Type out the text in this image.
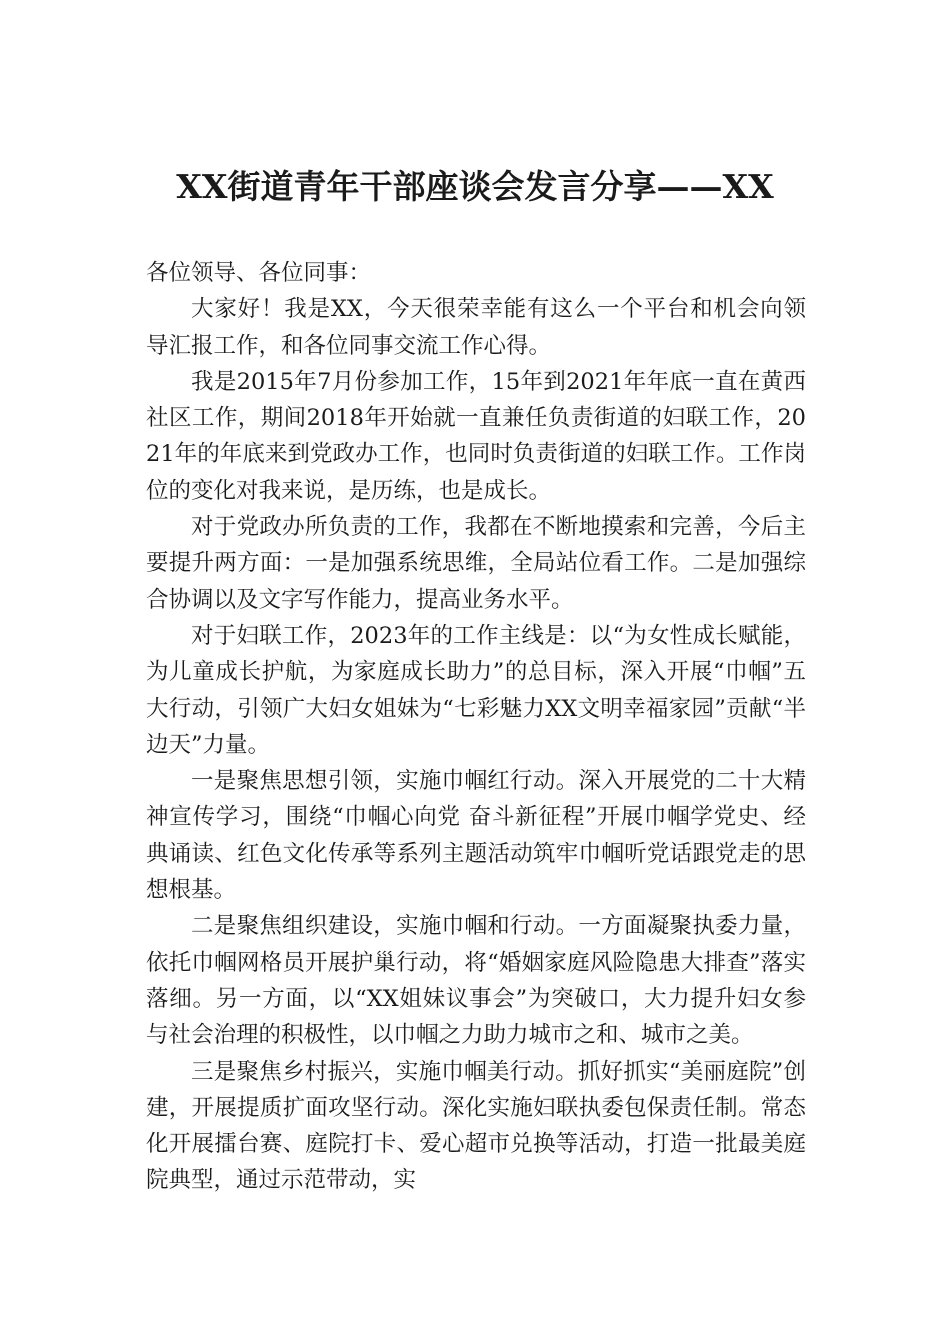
XX街道青年干部座谈会发言分享——XX

各位领导、各位同事：

大家好！我是XX，今天很荣幸能有这么一个平台和机会向领导汇报工作，和各位同事交流工作心得。

我是2015年7月份参加工作，15年到2021年年底一直在黄西社区工作，期间2018年开始就一直兼任负责街道的妇联工作，2021年的年底来到党政办工作，也同时负责街道的妇联工作。工作岗位的变化对我来说，是历练，也是成长。

对于党政办所负责的工作，我都在不断地摸索和完善，今后主要提升两方面：一是加强系统思维，全局站位看工作。二是加强综合协调以及文字写作能力，提高业务水平。

对于妇联工作，2023年的工作主线是：以“为女性成长赋能，为儿童成长护航，为家庭成长助力”的总目标，深入开展“巾帼”五大行动，引领广大妇女姐妹为“七彩魅力XX文明幸福家园”贡献“半边天”力量。

一是聚焦思想引领，实施巾帼红行动。深入开展党的二十大精神宣传学习，围绕“巾帼心向党 奋斗新征程”开展巾帼学党史、经典诵读、红色文化传承等系列主题活动筑牢巾帼听党话跟党走的思想根基。

二是聚焦组织建设，实施巾帼和行动。一方面凝聚执委力量，依托巾帼网格员开展护巢行动，将“婚姻家庭风险隐患大排查”落实落细。另一方面，以“XX姐妹议事会”为突破口，大力提升妇女参与社会治理的积极性，以巾帼之力助力城市之和、城市之美。

三是聚焦乡村振兴，实施巾帼美行动。抓好抓实“美丽庭院”创建，开展提质扩面攻坚行动。深化实施妇联执委包保责任制。常态化开展擂台赛、庭院打卡、爱心超市兑换等活动，打造一批最美庭院典型，通过示范带动，实
